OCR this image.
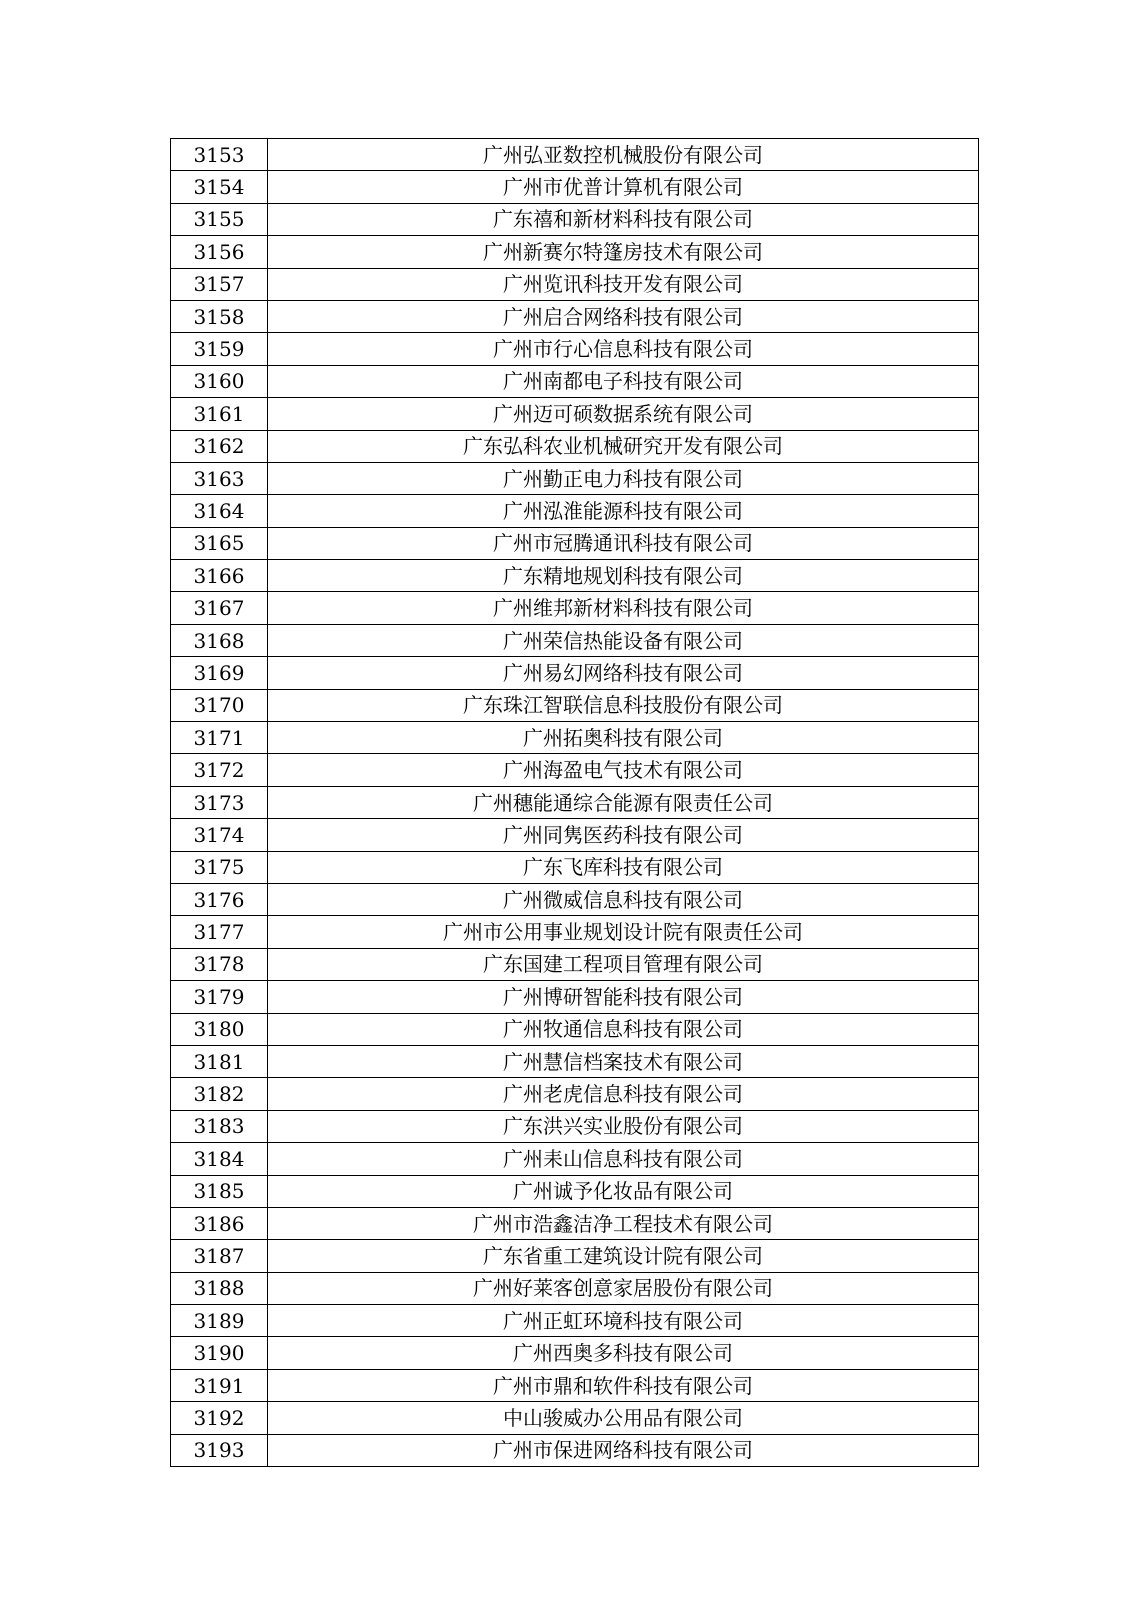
3153	广州弘亚数控机械股份有限公司
3154	广州市优普计算机有限公司
3155	广东禧和新材料科技有限公司
3156	广州新赛尔特篷房技术有限公司
3157	广州览讯科技开发有限公司
3158	广州启合网络科技有限公司
3159	广州市行心信息科技有限公司
3160	广州南都电子科技有限公司
3161	广州迈可硕数据系统有限公司
3162	广东弘科农业机械研究开发有限公司
3163	广州勤正电力科技有限公司
3164	广州泓淮能源科技有限公司
3165	广州市冠腾通讯科技有限公司
3166	广东精地规划科技有限公司
3167	广州维邦新材料科技有限公司
3168	广州荣信热能设备有限公司
3169	广州易幻网络科技有限公司
3170	广东珠江智联信息科技股份有限公司
3171	广州拓奥科技有限公司
3172	广州海盈电气技术有限公司
3173	广州穗能通综合能源有限责任公司
3174	广州同隽医药科技有限公司
3175	广东飞库科技有限公司
3176	广州微威信息科技有限公司
3177	广州市公用事业规划设计院有限责任公司
3178	广东国建工程项目管理有限公司
3179	广州博研智能科技有限公司
3180	广州牧通信息科技有限公司
3181	广州慧信档案技术有限公司
3182	广州老虎信息科技有限公司
3183	广东洪兴实业股份有限公司
3184	广州耒山信息科技有限公司
3185	广州诚予化妆品有限公司
3186	广州市浩鑫洁净工程技术有限公司
3187	广东省重工建筑设计院有限公司
3188	广州好莱客创意家居股份有限公司
3189	广州正虹环境科技有限公司
3190	广州西奥多科技有限公司
3191	广州市鼎和软件科技有限公司
3192	中山骏威办公用品有限公司
3193	广州市保进网络科技有限公司
